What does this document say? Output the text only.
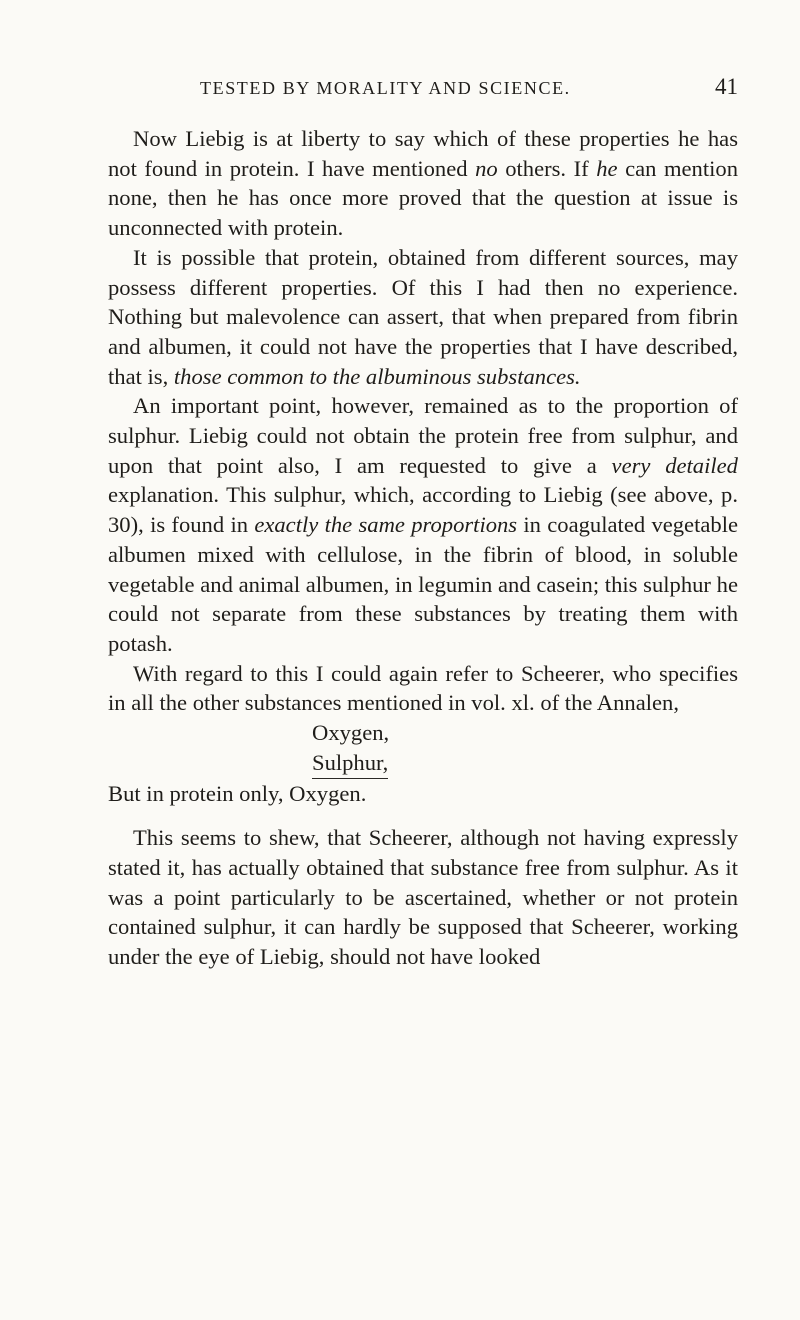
TESTED BY MORALITY AND SCIENCE.	41

Now Liebig is at liberty to say which of these properties he has not found in protein. I have mentioned no others. If he can mention none, then he has once more proved that the question at issue is unconnected with protein.

It is possible that protein, obtained from different sources, may possess different properties. Of this I had then no experience. Nothing but malevolence can assert, that when prepared from fibrin and albumen, it could not have the properties that I have described, that is, those common to the albuminous substances.

An important point, however, remained as to the proportion of sulphur. Liebig could not obtain the protein free from sulphur, and upon that point also, I am requested to give a very detailed explanation. This sulphur, which, according to Liebig (see above, p. 30), is found in exactly the same proportions in coagulated vegetable albumen mixed with cellulose, in the fibrin of blood, in soluble vegetable and animal albumen, in legumin and casein; this sulphur he could not separate from these substances by treating them with potash.

With regard to this I could again refer to Scheerer, who specifies in all the other substances mentioned in vol. xl. of the Annalen,

Oxygen,
Sulphur,

But in protein only, Oxygen.

This seems to shew, that Scheerer, although not having expressly stated it, has actually obtained that substance free from sulphur. As it was a point particularly to be ascertained, whether or not protein contained sulphur, it can hardly be supposed that Scheerer, working under the eye of Liebig, should not have looked
